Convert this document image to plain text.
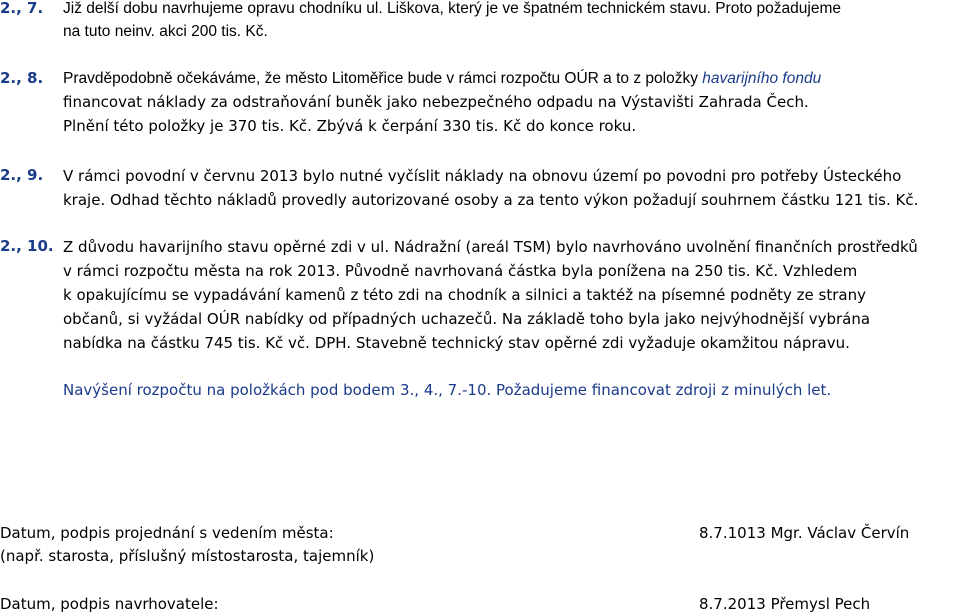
2., 7. Již delší dobu navrhujeme opravu chodníku ul. Liškova, který je ve špatném technickém stavu. Proto požadujeme
na tuto neinv. akci 200 tis. Kč.
2., 8. Pravděpodobně očekáváme, že město Litoměřice bude v rámci rozpočtu OÚR a to z položky havarijního fondu
financovat náklady za odstraňování buněk jako nebezpečného odpadu na Výstavišti Zahrada Čech.
Plnění této položky je 370 tis. Kč. Zbývá k čerpání 330 tis. Kč do konce roku.
2., 9. V rámci povodní v červnu 2013 bylo nutné vyčíslit náklady na obnovu území po povodni pro potřeby Ústeckého
kraje. Odhad těchto nákladů provedly autorizované osoby a za tento výkon požadují souhrnem částku 121 tis. Kč.
2., 10. Z důvodu havarijního stavu opěrné zdi v ul. Nádražní (areál TSM) bylo navrhováno uvolnění finančních prostředků
v rámci rozpočtu města na rok 2013. Původně navrhovaná částka byla ponížena na 250 tis. Kč. Vzhledem
k opakujícímu se vypadávání kamenů z této zdi na chodník a silnici a taktéž na písemné podněty ze strany
občanů, si vyžádal OÚR nabídky od případných uchazečů. Na základě toho byla jako nejvýhodnější vybrána
nabídka na částku 745 tis. Kč vč. DPH. Stavebně technický stav opěrné zdi vyžaduje okamžitou nápravu.
Navýšení rozpočtu na položkách pod bodem 3., 4., 7.-10. Požadujeme financovat zdroji z minulých let.
Datum, podpis projednání s vedením města:
(např. starosta, příslušný místostarosta, tajemník)
8.7.1013 Mgr. Václav Červín
Datum, podpis navrhovatele:	8.7.2013 Přemysl Pech
